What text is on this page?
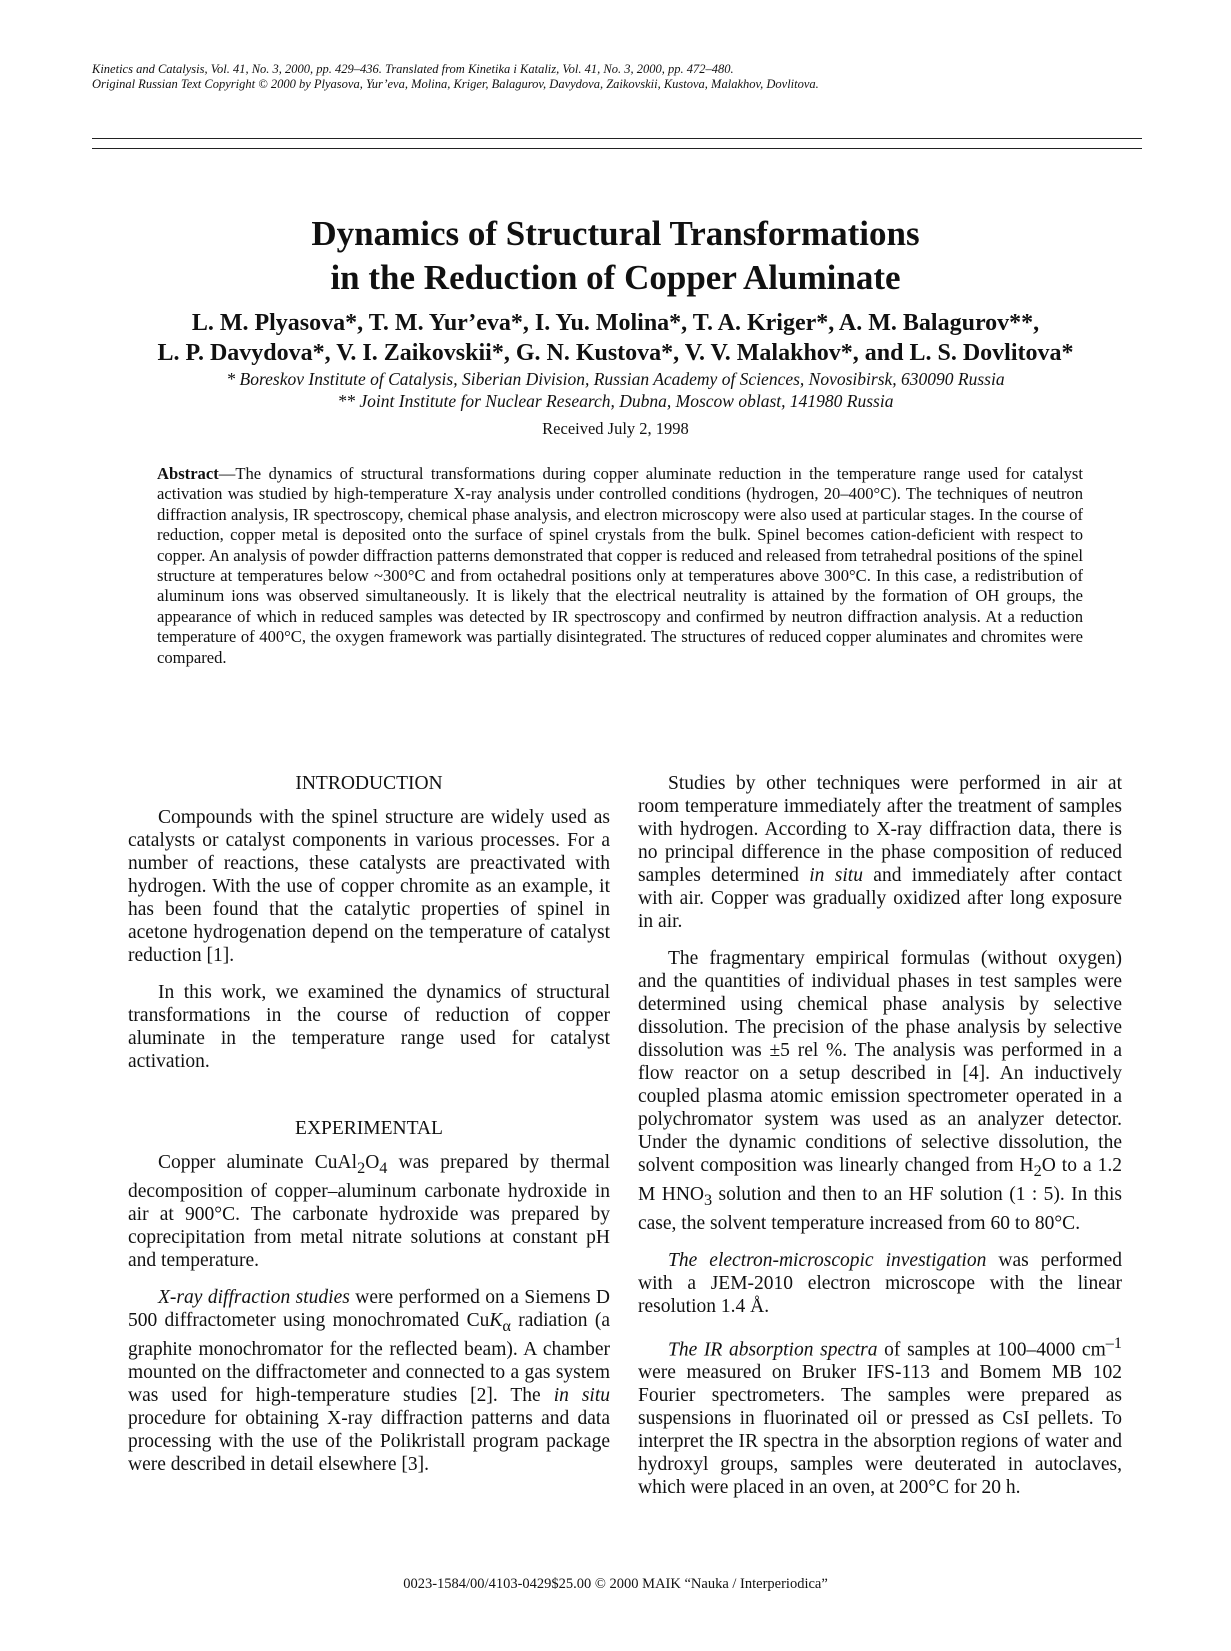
Kinetics and Catalysis, Vol. 41, No. 3, 2000, pp. 429–436. Translated from Kinetika i Kataliz, Vol. 41, No. 3, 2000, pp. 472–480.
Original Russian Text Copyright © 2000 by Plyasova, Yur’eva, Molina, Kriger, Balagurov, Davydova, Zaikovskii, Kustova, Malakhov, Dovlitova.
Dynamics of Structural Transformations
in the Reduction of Copper Aluminate
L. M. Plyasova*, T. M. Yur’eva*, I. Yu. Molina*, T. A. Kriger*, A. M. Balagurov**,
L. P. Davydova*, V. I. Zaikovskii*, G. N. Kustova*, V. V. Malakhov*, and L. S. Dovlitova*
* Boreskov Institute of Catalysis, Siberian Division, Russian Academy of Sciences, Novosibirsk, 630090 Russia
** Joint Institute for Nuclear Research, Dubna, Moscow oblast, 141980 Russia
Received July 2, 1998
Abstract—The dynamics of structural transformations during copper aluminate reduction in the temperature range used for catalyst activation was studied by high-temperature X-ray analysis under controlled conditions (hydrogen, 20–400°C). The techniques of neutron diffraction analysis, IR spectroscopy, chemical phase analysis, and electron microscopy were also used at particular stages. In the course of reduction, copper metal is deposited onto the surface of spinel crystals from the bulk. Spinel becomes cation-deficient with respect to copper. An analysis of powder diffraction patterns demonstrated that copper is reduced and released from tetrahedral positions of the spinel structure at temperatures below ~300°C and from octahedral positions only at temperatures above 300°C. In this case, a redistribution of aluminum ions was observed simultaneously. It is likely that the electrical neutrality is attained by the formation of OH groups, the appearance of which in reduced samples was detected by IR spectroscopy and confirmed by neutron diffraction analysis. At a reduction temperature of 400°C, the oxygen framework was partially disintegrated. The structures of reduced copper aluminates and chromites were compared.
INTRODUCTION

Compounds with the spinel structure are widely used as catalysts or catalyst components in various processes. For a number of reactions, these catalysts are preactivated with hydrogen. With the use of copper chromite as an example, it has been found that the catalytic properties of spinel in acetone hydrogenation depend on the temperature of catalyst reduction [1].

In this work, we examined the dynamics of structural transformations in the course of reduction of copper aluminate in the temperature range used for catalyst activation.

EXPERIMENTAL

Copper aluminate $CuAl_2O_4$ was prepared by thermal decomposition of copper–aluminum carbonate hydroxide in air at 900°C. The carbonate hydroxide was prepared by coprecipitation from metal nitrate solutions at constant pH and temperature.

X-ray diffraction studies were performed on a Siemens D 500 diffractometer using monochromated CuK$_\alpha$ radiation (a graphite monochromator for the reflected beam). A chamber mounted on the diffractometer and connected to a gas system was used for high-temperature studies [2]. The in situ procedure for obtaining X-ray diffraction patterns and data processing with the use of the Polikristall program package were described in detail elsewhere [3].

Studies by other techniques were performed in air at room temperature immediately after the treatment of samples with hydrogen. According to X-ray diffraction data, there is no principal difference in the phase composition of reduced samples determined in situ and immediately after contact with air. Copper was gradually oxidized after long exposure in air.

The fragmentary empirical formulas (without oxygen) and the quantities of individual phases in test samples were determined using chemical phase analysis by selective dissolution. The precision of the phase analysis by selective dissolution was ±5 rel %. The analysis was performed in a flow reactor on a setup described in [4]. An inductively coupled plasma atomic emission spectrometer operated in a polychromator system was used as an analyzer detector. Under the dynamic conditions of selective dissolution, the solvent composition was linearly changed from $H_2O$ to a 1.2 M $HNO_3$ solution and then to an HF solution (1 : 5). In this case, the solvent temperature increased from 60 to 80°C.

The electron-microscopic investigation was performed with a JEM-2010 electron microscope with the linear resolution 1.4 Å.

The IR absorption spectra of samples at 100–4000 $cm^{-1}$ were measured on Bruker IFS-113 and Bomem MB 102 Fourier spectrometers. The samples were prepared as suspensions in fluorinated oil or pressed as CsI pellets. To interpret the IR spectra in the absorption regions of water and hydroxyl groups, samples were deuterated in autoclaves, which were placed in an oven, at 200°C for 20 h.

0023-1584/00/4103-0429$25.00 © 2000 MAIK “Nauka / Interperiodica”
